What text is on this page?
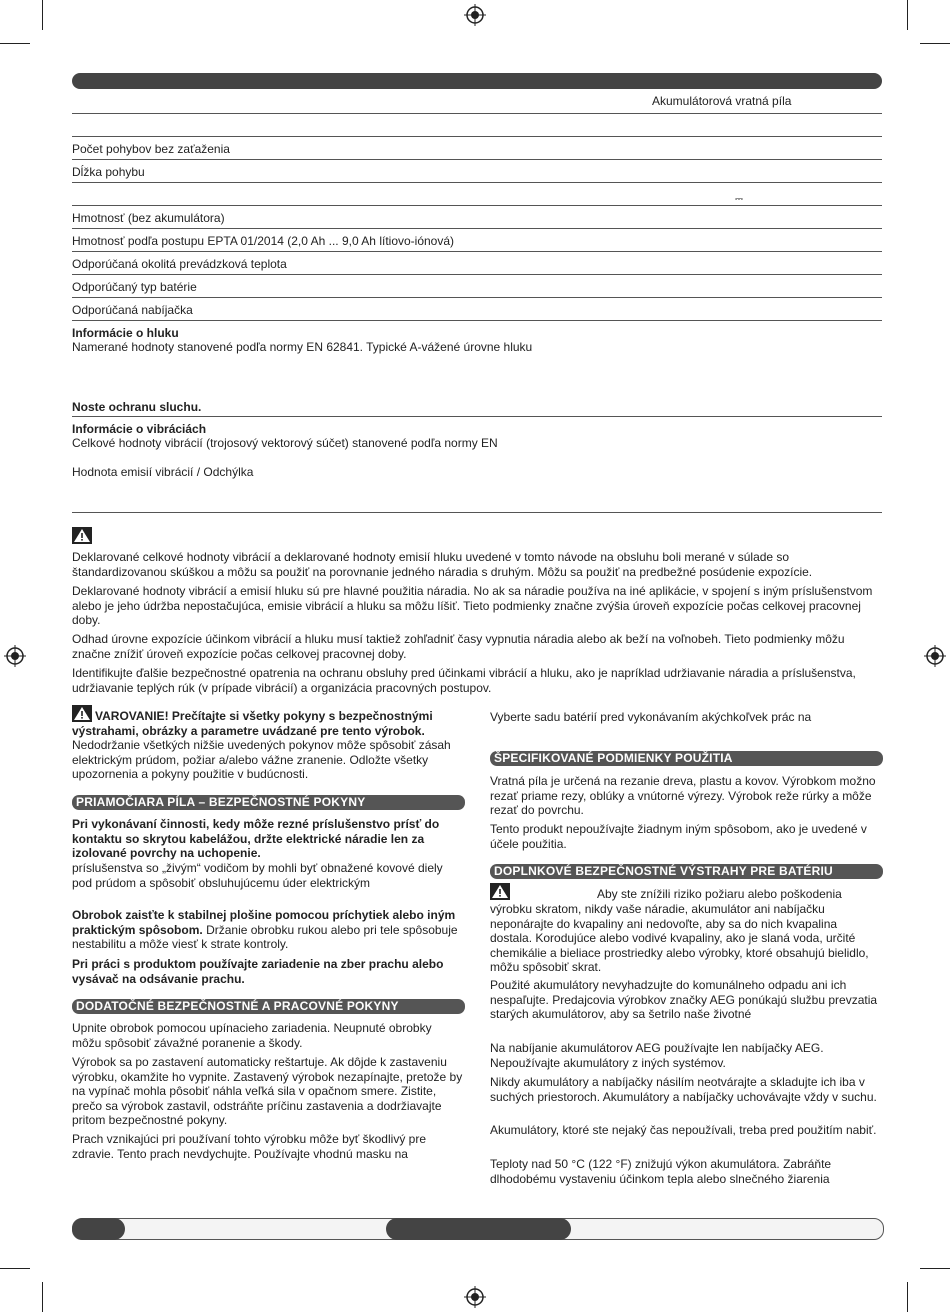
Akumulátorová vratná píla
Počet pohybov bez zaťaženia
Dĺžka pohybu
⎓
Hmotnosť (bez akumulátora)
Hmotnosť podľa postupu EPTA 01/2014 (2,0 Ah ... 9,0 Ah lítiovo-iónová)
Odporúčaná okolitá prevádzková teplota
Odporúčaný typ batérie
Odporúčaná nabíjačka
Informácie o hluku
Namerané hodnoty stanovené podľa normy EN 62841. Typické A-vážené úrovne hluku
Noste ochranu sluchu.
Informácie o vibráciách
Celkové hodnoty vibrácií (trojosový vektorový súčet) stanovené podľa normy EN
Hodnota emisií vibrácií / Odchýlka
Deklarované celkové hodnoty vibrácií a deklarované hodnoty emisií hluku uvedené v tomto návode na obsluhu boli merané v súlade so štandardizovanou skúškou a môžu sa použiť na porovnanie jedného náradia s druhým. Môžu sa použiť na predbežné posúdenie expozície.
Deklarované hodnoty vibrácií a emisií hluku sú pre hlavné použitia náradia. No ak sa náradie používa na iné aplikácie, v spojení s iným príslušenstvom alebo je jeho údržba nepostačujúca, emisie vibrácií a hluku sa môžu líšiť. Tieto podmienky značne zvýšia úroveň expozície počas celkovej pracovnej doby.
Odhad úrovne expozície účinkom vibrácií a hluku musí taktiež zohľadniť časy vypnutia náradia alebo ak beží na voľnobeh. Tieto podmienky môžu značne znížiť úroveň expozície počas celkovej pracovnej doby.
Identifikujte ďalšie bezpečnostné opatrenia na ochranu obsluhy pred účinkami vibrácií a hluku, ako je napríklad udržiavanie náradia a príslušenstva, udržiavanie teplých rúk (v prípade vibrácií) a organizácia pracovných postupov.
VAROVANIE! Prečítajte si všetky pokyny s bezpečnostnými výstrahami, obrázky a parametre uvádzané pre tento výrobok.
Nedodržanie všetkých nižšie uvedených pokynov môže spôsobiť zásah elektrickým prúdom, požiar a/alebo vážne zranenie. Odložte všetky upozornenia a pokyny použitie v budúcnosti.
PRIAMOČIARA PÍLA – BEZPEČNOSTNÉ POKYNY
Pri vykonávaní činnosti, kedy môže rezné príslušenstvo prísť do kontaktu so skrytou kabelážou, držte elektrické náradie len za izolované povrchy na uchopenie.
príslušenstva so „živým“ vodičom by mohli byť obnažené kovové diely pod prúdom a spôsobiť obsluhujúcemu úder elektrickým
Obrobok zaisťte k stabilnej plošine pomocou príchytiek alebo iným praktickým spôsobom. Držanie obrobku rukou alebo pri tele spôsobuje nestabilitu a môže viesť k strate kontroly.
Pri práci s produktom používajte zariadenie na zber prachu alebo vysávač na odsávanie prachu.
DODATOČNÉ BEZPEČNOSTNÉ A PRACOVNÉ POKYNY
Upnite obrobok pomocou upínacieho zariadenia. Neupnuté obrobky môžu spôsobiť závažné poranenie a škody.
Výrobok sa po zastavení automaticky reštartuje. Ak dôjde k zastaveniu výrobku, okamžite ho vypnite. Zastavený výrobok nezapínajte, pretože by na vypínač mohla pôsobiť náhla veľká sila v opačnom smere. Zistite, prečo sa výrobok zastavil, odstráňte príčinu zastavenia a dodržiavajte pritom bezpečnostné pokyny.
Prach vznikajúci pri používaní tohto výrobku môže byť škodlivý pre zdravie. Tento prach nevdychujte. Používajte vhodnú masku na
Vyberte sadu batérií pred vykonávaním akýchkoľvek prác na
ŠPECIFIKOVANÉ PODMIENKY POUŽITIA
Vratná píla je určená na rezanie dreva, plastu a kovov. Výrobkom možno rezať priame rezy, oblúky a vnútorné výrezy. Výrobok reže rúrky a môže rezať do povrchu.
Tento produkt nepoužívajte žiadnym iným spôsobom, ako je uvedené v účele použitia.
DOPLNKOVÉ BEZPEČNOSTNÉ VÝSTRAHY PRE BATÉRIU
Aby ste znížili riziko požiaru alebo poškodenia
výrobku skratom, nikdy vaše náradie, akumulátor ani nabíjačku neponárajte do kvapaliny ani nedovoľte, aby sa do nich kvapalina dostala. Korodujúce alebo vodivé kvapaliny, ako je slaná voda, určité chemikálie a bieliace prostriedky alebo výrobky, ktoré obsahujú bielidlo, môžu spôsobiť skrat.
Použité akumulátory nevyhadzujte do komunálneho odpadu ani ich nespaľujte. Predajcovia výrobkov značky AEG ponúkajú službu prevzatia starých akumulátorov, aby sa šetrilo naše životné
Na nabíjanie akumulátorov AEG používajte len nabíjačky AEG. Nepoužívajte akumulátory z iných systémov.
Nikdy akumulátory a nabíjačky násilím neotvárajte a skladujte ich iba v suchých priestoroch. Akumulátory a nabíjačky uchovávajte vždy v suchu.
Akumulátory, ktoré ste nejaký čas nepoužívali, treba pred použitím nabiť.
Teploty nad 50 °C (122 °F) znižujú výkon akumulátora. Zabráňte dlhodobému vystaveniu účinkom tepla alebo slnečného žiarenia
